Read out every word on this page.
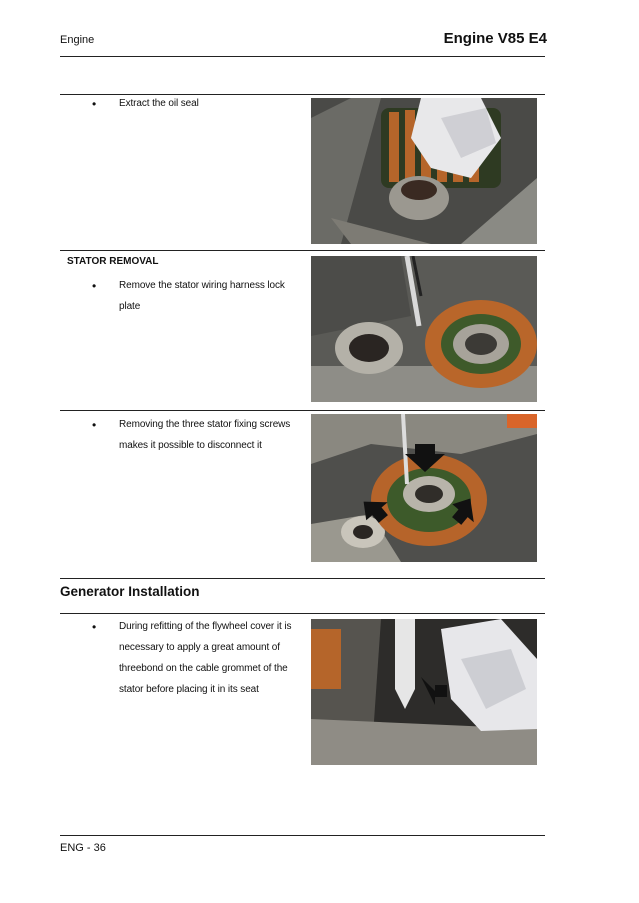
Engine	Engine V85 E4
• Extract the oil seal
STATOR REMOVAL
• Remove the stator wiring harness lock plate
• Removing the three stator fixing screws makes it possible to disconnect it
Generator Installation
• During refitting of the flywheel cover it is necessary to apply a great amount of threebond on the cable grommet of the stator before placing it in its seat
ENG - 36
